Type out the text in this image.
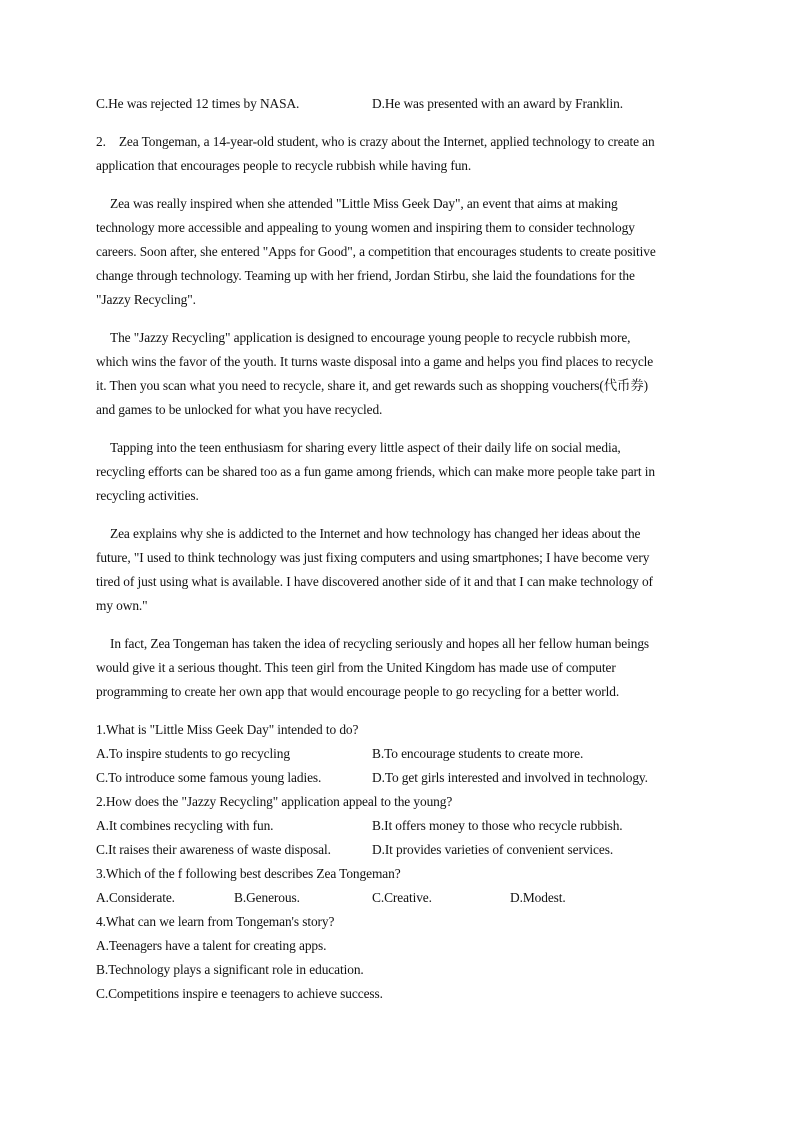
C.He was rejected 12 times by NASA.	D.He was presented with an award by Franklin.
2. Zea Tongeman, a 14-year-old student, who is crazy about the Internet, applied technology to create an
application that encourages people to recycle rubbish while having fun.
Zea was really inspired when she attended "Little Miss Geek Day", an event that aims at making
technology more accessible and appealing to young women and inspiring them to consider technology
careers. Soon after, she entered "Apps for Good", a competition that encourages students to create positive
change through technology. Teaming up with her friend, Jordan Stirbu, she laid the foundations for the
"Jazzy Recycling".
The "Jazzy Recycling" application is designed to encourage young people to recycle rubbish more,
which wins the favor of the youth. It turns waste disposal into a game and helps you find places to recycle
it. Then you scan what you need to recycle, share it, and get rewards such as shopping vouchers(代币券)
and games to be unlocked for what you have recycled.
Tapping into the teen enthusiasm for sharing every little aspect of their daily life on social media,
recycling efforts can be shared too as a fun game among friends, which can make more people take part in
recycling activities.
Zea explains why she is addicted to the Internet and how technology has changed her ideas about the
future, "I used to think technology was just fixing computers and using smartphones; I have become very
tired of just using what is available. I have discovered another side of it and that I can make technology of
my own."
In fact, Zea Tongeman has taken the idea of recycling seriously and hopes all her fellow human beings
would give it a serious thought. This teen girl from the United Kingdom has made use of computer
programming to create her own app that would encourage people to go recycling for a better world.
1.What is "Little Miss Geek Day" intended to do?
A.To inspire students to go recycling	B.To encourage students to create more.
C.To introduce some famous young ladies.	D.To get girls interested and involved in technology.
2.How does the "Jazzy Recycling" application appeal to the young?
A.It combines recycling with fun.	B.It offers money to those who recycle rubbish.
C.It raises their awareness of waste disposal.	D.It provides varieties of convenient services.
3.Which of the f following best describes Zea Tongeman?
A.Considerate.	B.Generous.	C.Creative.	D.Modest.
4.What can we learn from Tongeman's story?
A.Teenagers have a talent for creating apps.
B.Technology plays a significant role in education.
C.Competitions inspire e teenagers to achieve success.
